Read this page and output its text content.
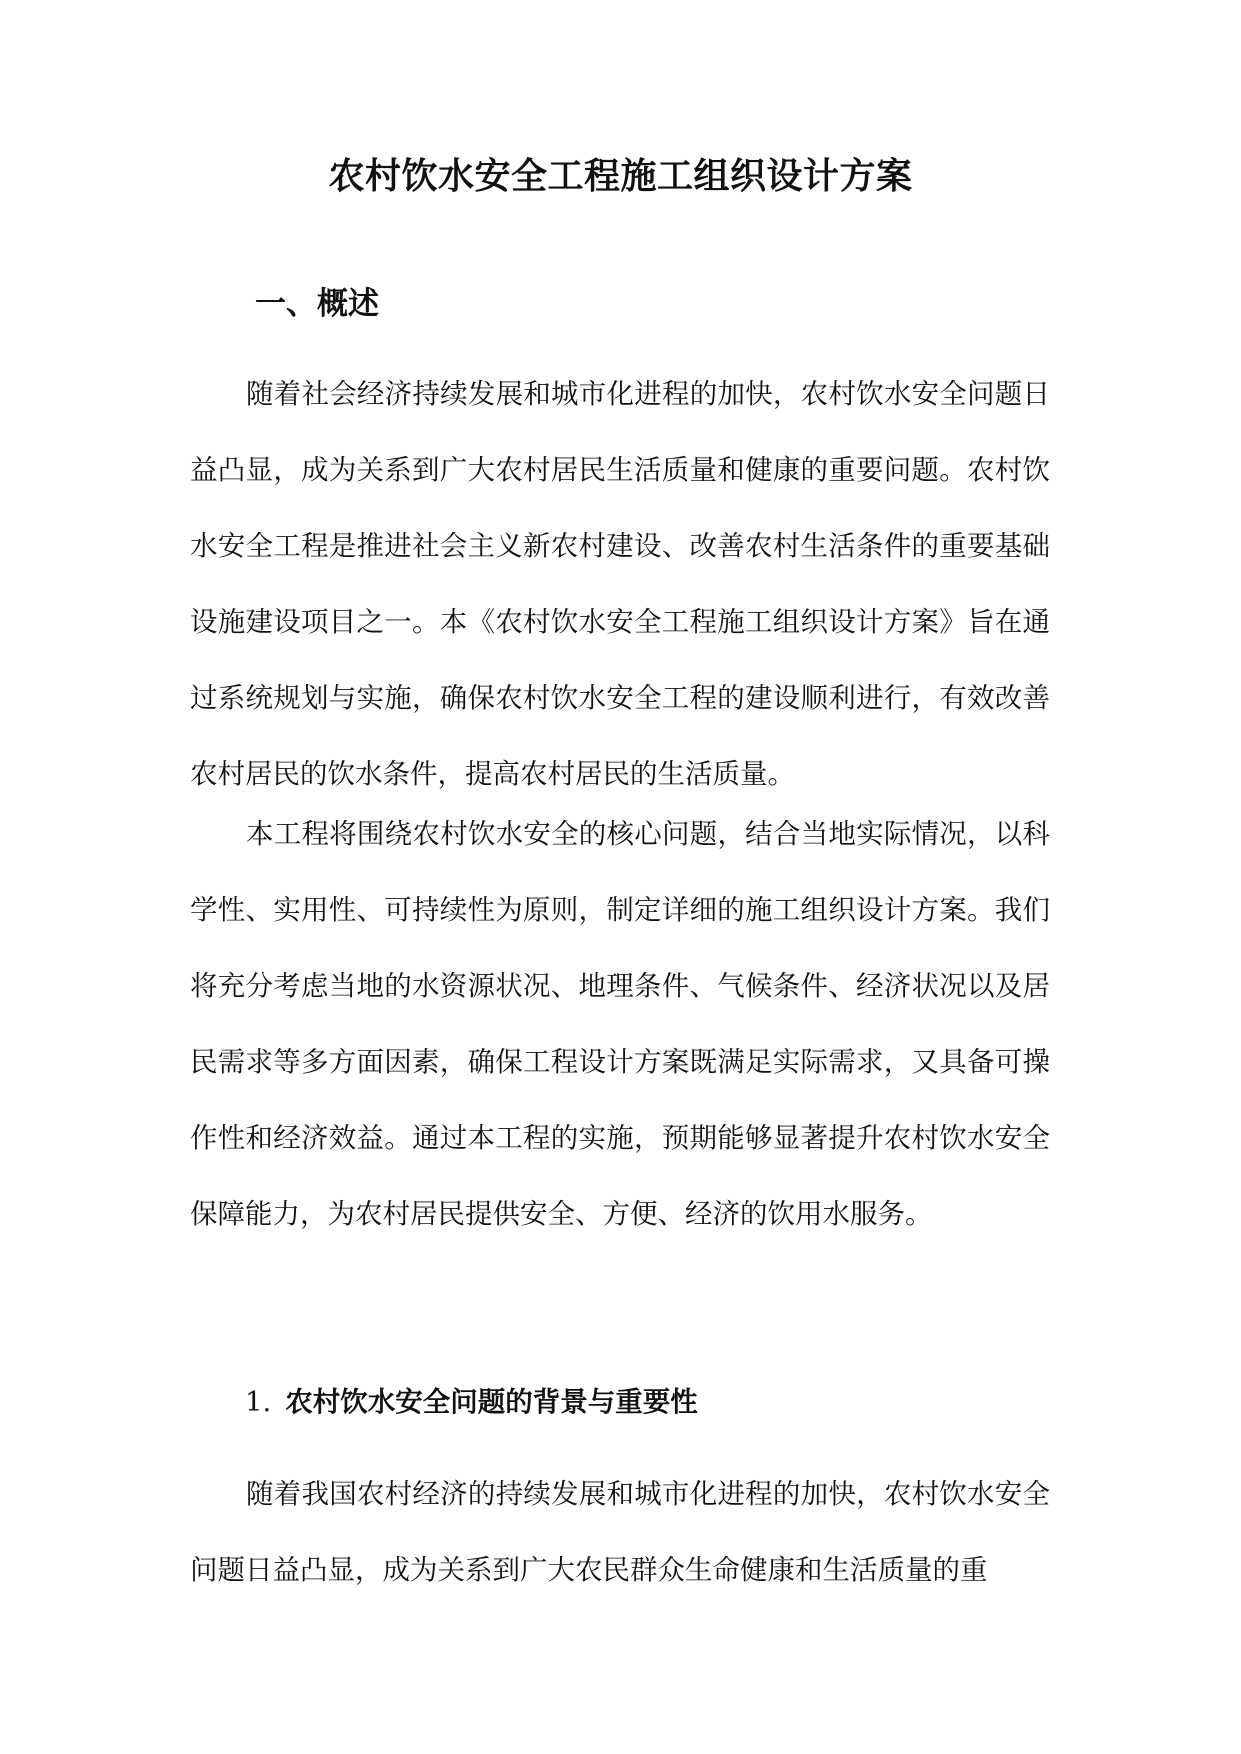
农村饮水安全工程施工组织设计方案
一、概述

随着社会经济持续发展和城市化进程的加快，农村饮水安全问题日益凸显，成为关系到广大农村居民生活质量和健康的重要问题。农村饮水安全工程是推进社会主义新农村建设、改善农村生活条件的重要基础设施建设项目之一。本《农村饮水安全工程施工组织设计方案》旨在通过系统规划与实施，确保农村饮水安全工程的建设顺利进行，有效改善农村居民的饮水条件，提高农村居民的生活质量。

本工程将围绕农村饮水安全的核心问题，结合当地实际情况，以科学性、实用性、可持续性为原则，制定详细的施工组织设计方案。我们将充分考虑当地的水资源状况、地理条件、气候条件、经济状况以及居民需求等多方面因素，确保工程设计方案既满足实际需求，又具备可操作性和经济效益。通过本工程的实施，预期能够显著提升农村饮水安全保障能力，为农村居民提供安全、方便、经济的饮用水服务。

1. 农村饮水安全问题的背景与重要性

随着我国农村经济的持续发展和城市化进程的加快，农村饮水安全问题日益凸显，成为关系到广大农民群众生命健康和生活质量的重
